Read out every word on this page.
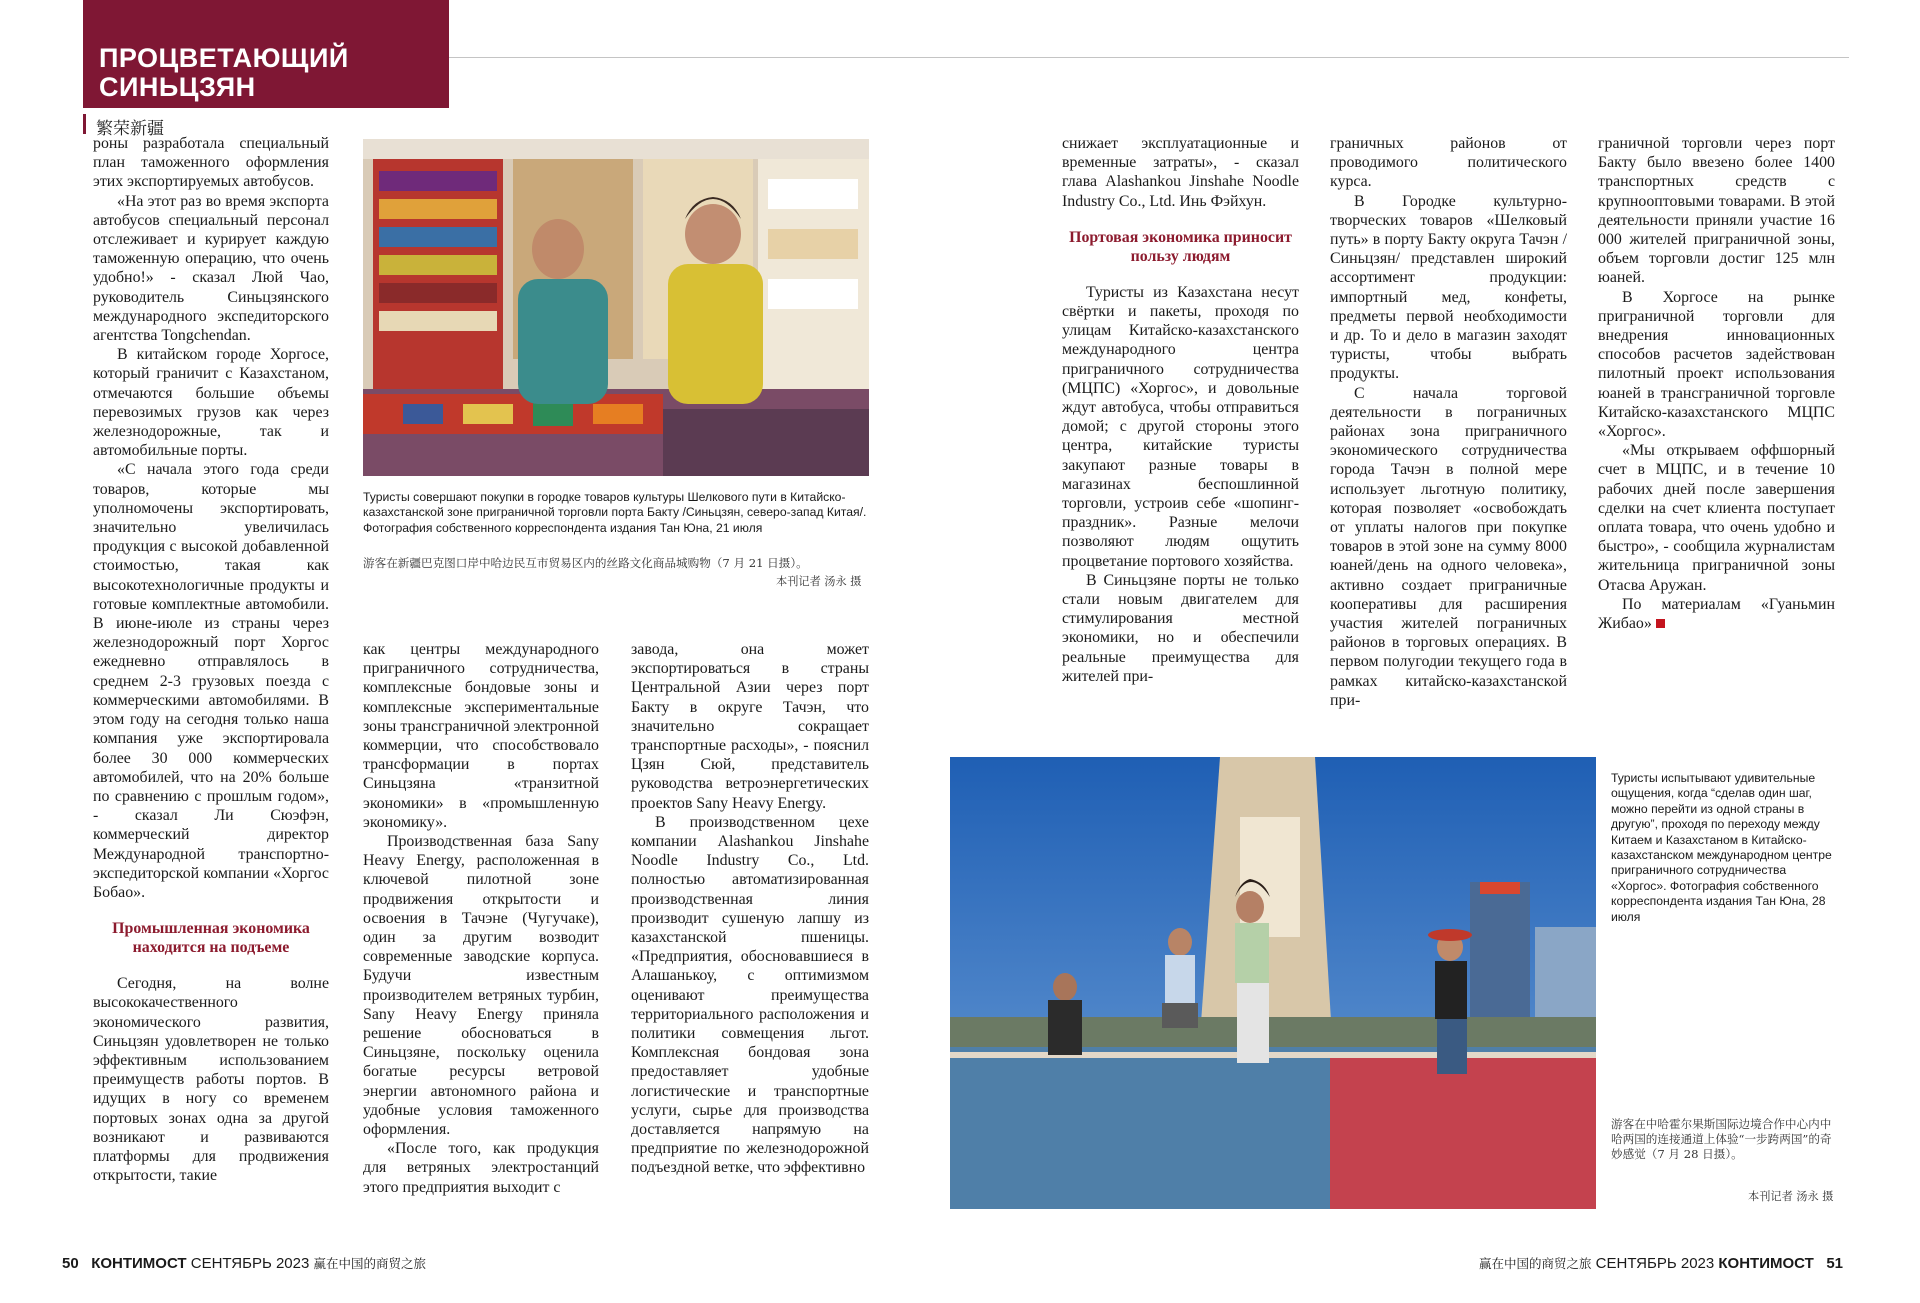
ПРОЦВЕТАЮЩИЙ
СИНЬЦЗЯН
繁荣新疆

роны разработала специальный план таможенного оформления этих экспортируемых автобусов.

«На этот раз во время экспорта автобусов специальный персонал отслеживает и курирует каждую таможенную операцию, что очень удобно!» - сказал Люй Чао, руководитель Синьцзянского международного экспедиторского агентства Tongchendan.

В китайском городе Хоргосе, который граничит с Казахстаном, отмечаются большие объемы перевозимых грузов как через железнодорожные, так и автомобильные порты.

«С начала этого года среди товаров, которые мы уполномочены экспортировать, значительно увеличилась продукция с высокой добавленной стоимостью, такая как высокотехнологичные продукты и готовые комплектные автомобили. В июне-июле из страны через железнодорожный порт Хоргос ежедневно отправлялось в среднем 2-3 грузовых поезда с коммерческими автомобилями. В этом году на сегодня только наша компания уже экспортировала более 30 000 коммерческих автомобилей, что на 20% больше по сравнению с прошлым годом», - сказал Ли Сюэфэн, коммерческий директор Международной транспортно-экспедиторской компании «Хоргос Бобао».

Промышленная экономика находится на подъеме

Сегодня, на волне высококачественного экономического развития, Синьцзян удовлетворен не только эффективным использованием преимуществ работы портов. В идущих в ногу со временем портовых зонах одна за другой возникают и развиваются платформы для продвижения открытости, такие

Туристы совершают покупки в городке товаров культуры Шелкового пути в Китайско-казахстанской зоне приграничной торговли порта Бакту /Синьцзян, северо-запад Китая/. Фотография собственного корреспондента издания Тан Юна, 21 июля
游客在新疆巴克图口岸中哈边民互市贸易区内的丝路文化商品城购物（7 月 21 日摄）。
本刊记者 汤永 摄

как центры международного приграничного сотрудничества, комплексные бондовые зоны и комплексные экспериментальные зоны трансграничной электронной коммерции, что способствовало трансформации в портах Синьцзяна «транзитной экономики» в «промышленную экономику».

Производственная база Sany Heavy Energy, расположенная в ключевой пилотной зоне продвижения открытости и освоения в Тачэне (Чугучаке), один за другим возводит современные заводские корпуса. Будучи известным производителем ветряных турбин, Sany Heavy Energy приняла решение обосноваться в Синьцзяне, поскольку оценила богатые ресурсы ветровой энергии автономного района и удобные условия таможенного оформления.

«После того, как продукция для ветряных электростанций этого предприятия выходит с

завода, она может экспортироваться в страны Центральной Азии через порт Бакту в округе Тачэн, что значительно сокращает транспортные расходы», - пояснил Цзян Сюй, представитель руководства ветроэнергетических проектов Sany Heavy Energy.

В производственном цехе компании Alashankou Jinshahe Noodle Industry Co., Ltd. полностью автоматизированная производственная линия производит сушеную лапшу из казахстанской пшеницы. «Предприятия, обосновавшиеся в Алашанькоу, с оптимизмом оценивают преимущества территориального расположения и политики совмещения льгот. Комплексная бондовая зона предоставляет удобные логистические и транспортные услуги, сырье для производства доставляется напрямую на предприятие по железнодорожной подъездной ветке, что эффективно

снижает эксплуатационные и временные затраты», - сказал глава Alashankou Jinshahe Noodle Industry Co., Ltd. Инь Фэйхун.

Портовая экономика приносит пользу людям

Туристы из Казахстана несут свёртки и пакеты, проходя по улицам Китайско-казахстанского международного центра приграничного сотрудничества (МЦПС) «Хоргос», и довольные ждут автобуса, чтобы отправиться домой; с другой стороны этого центра, китайские туристы закупают разные товары в магазинах беспошлинной торговли, устроив себе «шопинг-праздник». Разные мелочи позволяют людям ощутить процветание портового хозяйства.

В Синьцзяне порты не только стали новым двигателем для стимулирования местной экономики, но и обеспечили реальные преимущества для жителей при-

граничных районов от проводимого политического курса.

В Городке культурно-творческих товаров «Шелковый путь» в порту Бакту округа Тачэн / Синьцзян/ представлен широкий ассортимент продукции: импортный мед, конфеты, предметы первой необходимости и др. То и дело в магазин заходят туристы, чтобы выбрать продукты.

С начала торговой деятельности в пограничных районах зона приграничного экономического сотрудничества города Тачэн в полной мере использует льготную политику, которая позволяет «освобождать от уплаты налогов при покупке товаров в этой зоне на сумму 8000 юаней/день на одного человека», активно создает приграничные кооперативы для расширения участия жителей пограничных районов в торговых операциях. В первом полугодии текущего года в рамках китайско-казахстанской при-

граничной торговли через порт Бакту было ввезено более 1400 транспортных средств с крупнооптовыми товарами. В этой деятельности приняли участие 16 000 жителей приграничной зоны, объем торговли достиг 125 млн юаней.

В Хоргосе на рынке приграничной торговли для внедрения инновационных способов расчетов задействован пилотный проект использования юаней в трансграничной торговле Китайско-казахстанского МЦПС «Хоргос».

«Мы открываем оффшорный счет в МЦПС, и в течение 10 рабочих дней после завершения сделки на счет клиента поступает оплата товара, что очень удобно и быстро», - сообщила журналистам жительница приграничной зоны Отасва Аружан.

По материалам «Гуаньмин Жибао»

Туристы испытывают удивительные ощущения, когда “сделав один шаг, можно перейти из одной страны в другую”, проходя по переходу между Китаем и Казахстаном в Китайско-казахстанском международном центре приграничного сотрудничества «Хоргос». Фотография собственного корреспондента издания Тан Юна, 28 июля
游客在中哈霍尔果斯国际边境合作中心内中哈两国的连接通道上体验“一步跨两国”的奇妙感觉（7 月 28 日摄）。
本刊记者 汤永 摄
50 КОНТИМОСТ СЕНТЯБРЬ 2023 赢在中国的商贸之旅	赢在中国的商贸之旅 СЕНТЯБРЬ 2023 КОНТИМОСТ 51
